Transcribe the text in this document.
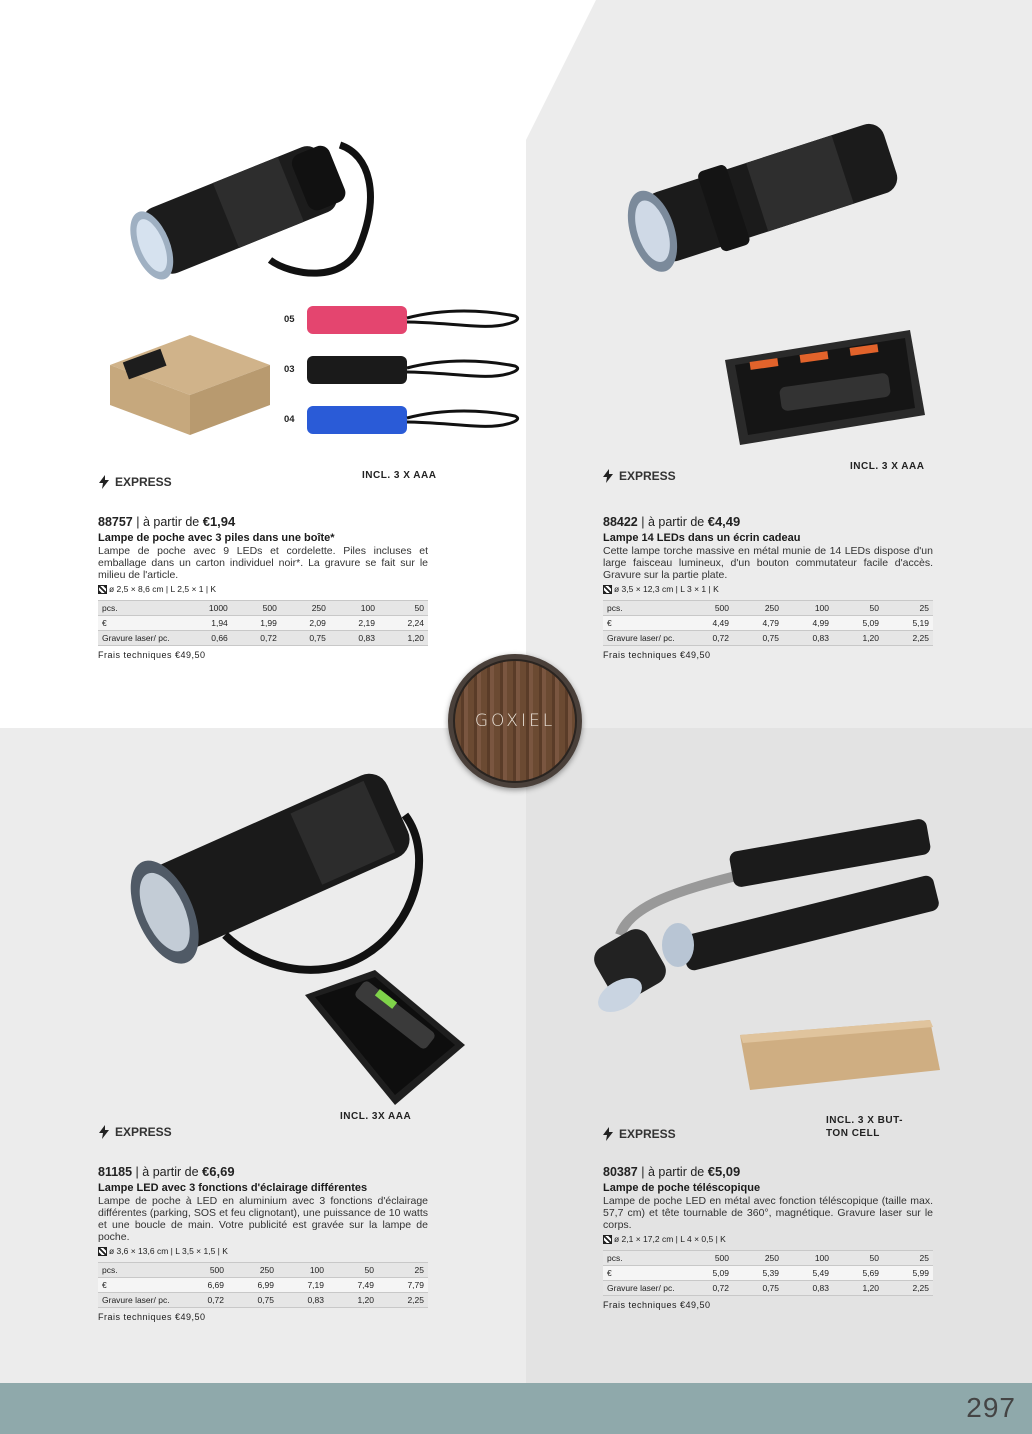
05
03
04
GOXIEL
EXPRESS	INCL. 3 X AAA
88757 | à partir de €1,94
Lampe de poche avec 3 piles dans une boîte*
Lampe de poche avec 9 LEDs et cordelette. Piles incluses et emballage dans un carton individuel noir*. La gravure se fait sur le milieu de l'article.
ø 2,5 × 8,6 cm | L 2,5 × 1 | K
pcs.	1000	500	250	100	50
€	1,94	1,99	2,09	2,19	2,24
Gravure laser/ pc.	0,66	0,72	0,75	0,83	1,20
Frais techniques €49,50
EXPRESS
INCL. 3 X AAA
88422 | à partir de €4,49
Lampe 14 LEDs dans un écrin cadeau
Cette lampe torche massive en métal munie de 14 LEDs dispose d'un large faisceau lumineux, d'un bouton commutateur facile d'accès. Gravure sur la partie plate.
ø 3,5 × 12,3 cm | L 3 × 1 | K
pcs.	500	250	100	50	25
€	4,49	4,79	4,99	5,09	5,19
Gravure laser/ pc.	0,72	0,75	0,83	1,20	2,25
Frais techniques €49,50
EXPRESS
INCL. 3X AAA
81185 | à partir de €6,69
Lampe LED avec 3 fonctions d'éclairage différentes
Lampe de poche à LED en aluminium avec 3 fonctions d'éclairage différentes (parking, SOS et feu clignotant), une puissance de 10 watts et une boucle de main. Votre publicité est gravée sur la lampe de poche.
ø 3,6 × 13,6 cm | L 3,5 × 1,5 | K
pcs.	500	250	100	50	25
€	6,69	6,99	7,19	7,49	7,79
Gravure laser/ pc.	0,72	0,75	0,83	1,20	2,25
Frais techniques €49,50
EXPRESS
INCL. 3 X BUT- TON CELL
80387 | à partir de €5,09
Lampe de poche téléscopique
Lampe de poche LED en métal avec fonction téléscopique (taille max. 57,7 cm) et tête tournable de 360°, magnétique. Gravure laser sur le corps.
ø 2,1 × 17,2 cm | L 4 × 0,5 | K
pcs.	500	250	100	50	25
€	5,09	5,39	5,49	5,69	5,99
Gravure laser/ pc.	0,72	0,75	0,83	1,20	2,25
Frais techniques €49,50
297
